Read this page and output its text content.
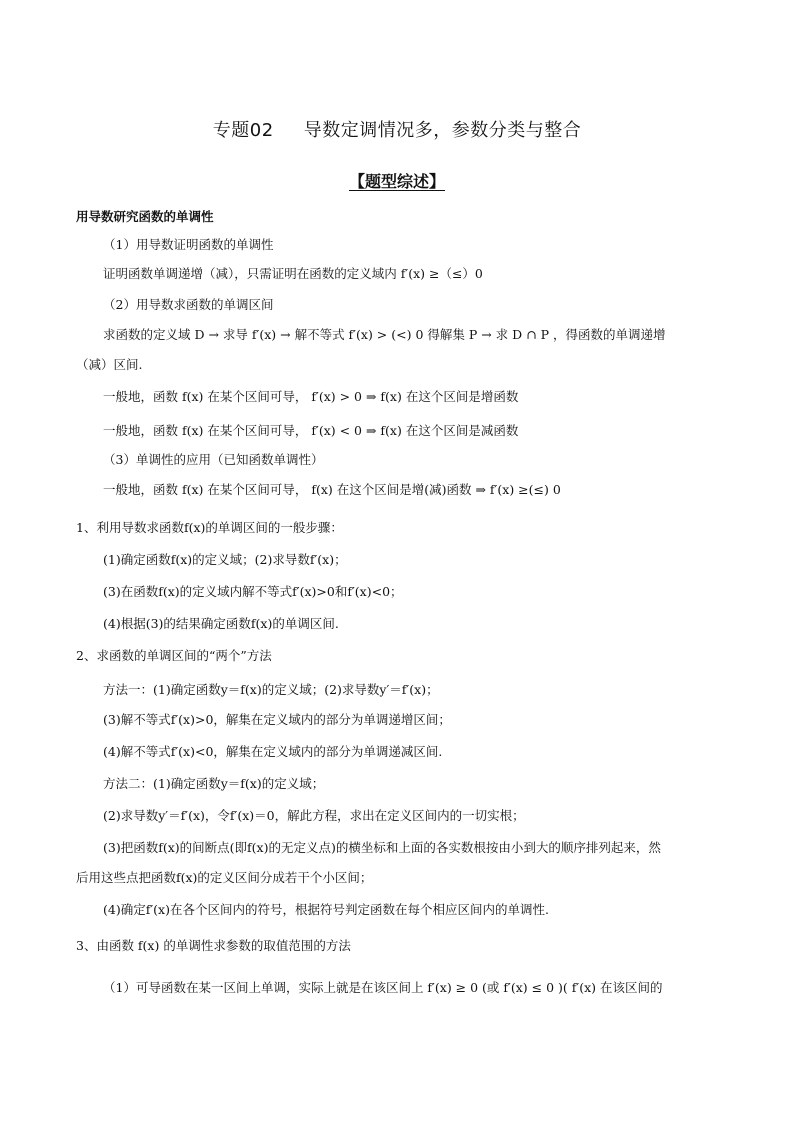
专题02 导数定调情况多，参数分类与整合
【题型综述】
用导数研究函数的单调性
（1）用导数证明函数的单调性
证明函数单调递增（减），只需证明在函数的定义域内 f′(x) ≥（≤）0
（2）用导数求函数的单调区间
求函数的定义域 D → 求导 f′(x) → 解不等式 f′(x) > (<) 0 得解集 P → 求 D ∩ P ，得函数的单调递增
（减）区间.
一般地，函数 f(x) 在某个区间可导， f′(x) > 0 ⇒ f(x) 在这个区间是增函数
一般地，函数 f(x) 在某个区间可导， f′(x) < 0 ⇒ f(x) 在这个区间是减函数
（3）单调性的应用（已知函数单调性）
一般地，函数 f(x) 在某个区间可导， f(x) 在这个区间是增(减)函数 ⇒ f′(x) ≥(≤) 0
1、利用导数求函数f(x)的单调区间的一般步骤：
(1)确定函数f(x)的定义域；(2)求导数f′(x)；
(3)在函数f(x)的定义域内解不等式f′(x)>0和f′(x)<0；
(4)根据(3)的结果确定函数f(x)的单调区间.
2、求函数的单调区间的“两个”方法
方法一：(1)确定函数y＝f(x)的定义域；(2)求导数y′＝f′(x)；
(3)解不等式f′(x)>0，解集在定义域内的部分为单调递增区间；
(4)解不等式f′(x)<0，解集在定义域内的部分为单调递减区间.
方法二：(1)确定函数y＝f(x)的定义域；
(2)求导数y′＝f′(x)，令f′(x)＝0，解此方程，求出在定义区间内的一切实根；
(3)把函数f(x)的间断点(即f(x)的无定义点)的横坐标和上面的各实数根按由小到大的顺序排列起来，然
后用这些点把函数f(x)的定义区间分成若干个小区间；
(4)确定f′(x)在各个区间内的符号，根据符号判定函数在每个相应区间内的单调性.
3、由函数 f(x) 的单调性求参数的取值范围的方法
（1）可导函数在某一区间上单调，实际上就是在该区间上 f′(x) ≥ 0 (或 f′(x) ≤ 0 )( f′(x) 在该区间的
